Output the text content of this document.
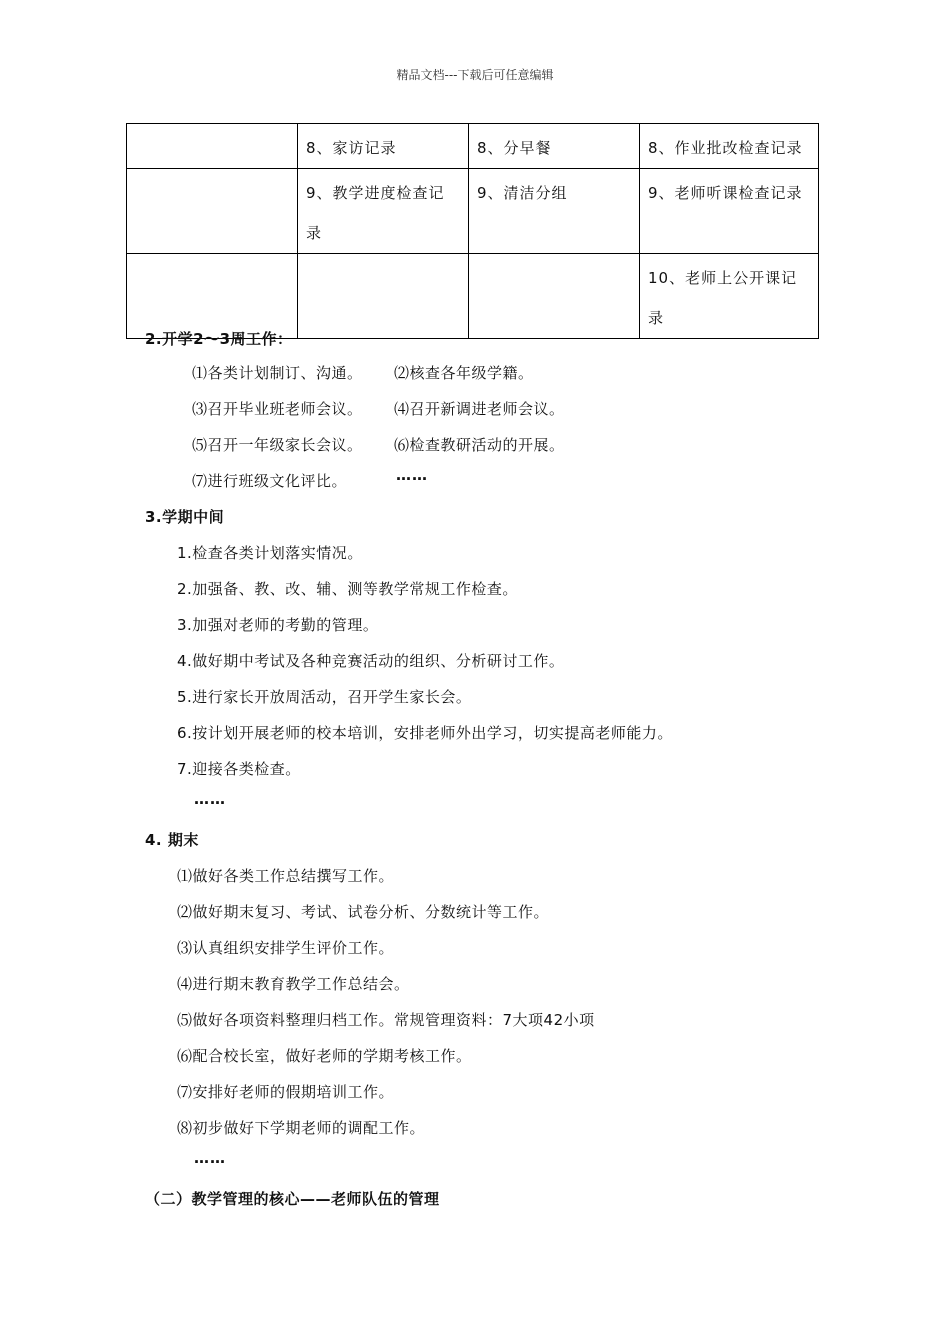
精品文档---下载后可任意编辑
	8、家访记录	8、分早餐	8、作业批改检查记录
	9、教学进度检查记录	9、清洁分组	9、老师听课检查记录
			10、老师上公开课记录
2.开学2～3周工作：
⑴各类计划制订、沟通。 ⑵核查各年级学籍。
⑶召开毕业班老师会议。 ⑷召开新调进老师会议。
⑸召开一年级家长会议。 ⑹检查教研活动的开展。
⑺进行班级文化评比。	……
3.学期中间
1.检查各类计划落实情况。
2.加强备、教、改、辅、测等教学常规工作检查。
3.加强对老师的考勤的管理。
4.做好期中考试及各种竞赛活动的组织、分析研讨工作。
5.进行家长开放周活动，召开学生家长会。
6.按计划开展老师的校本培训，安排老师外出学习，切实提高老师能力。
7.迎接各类检查。
……
4. 期末
⑴做好各类工作总结撰写工作。
⑵做好期末复习、考试、试卷分析、分数统计等工作。
⑶认真组织安排学生评价工作。
⑷进行期末教育教学工作总结会。
⑸做好各项资料整理归档工作。常规管理资料：7大项42小项
⑹配合校长室，做好老师的学期考核工作。
⑺安排好老师的假期培训工作。
⑻初步做好下学期老师的调配工作。
……
（二）教学管理的核心——老师队伍的管理
